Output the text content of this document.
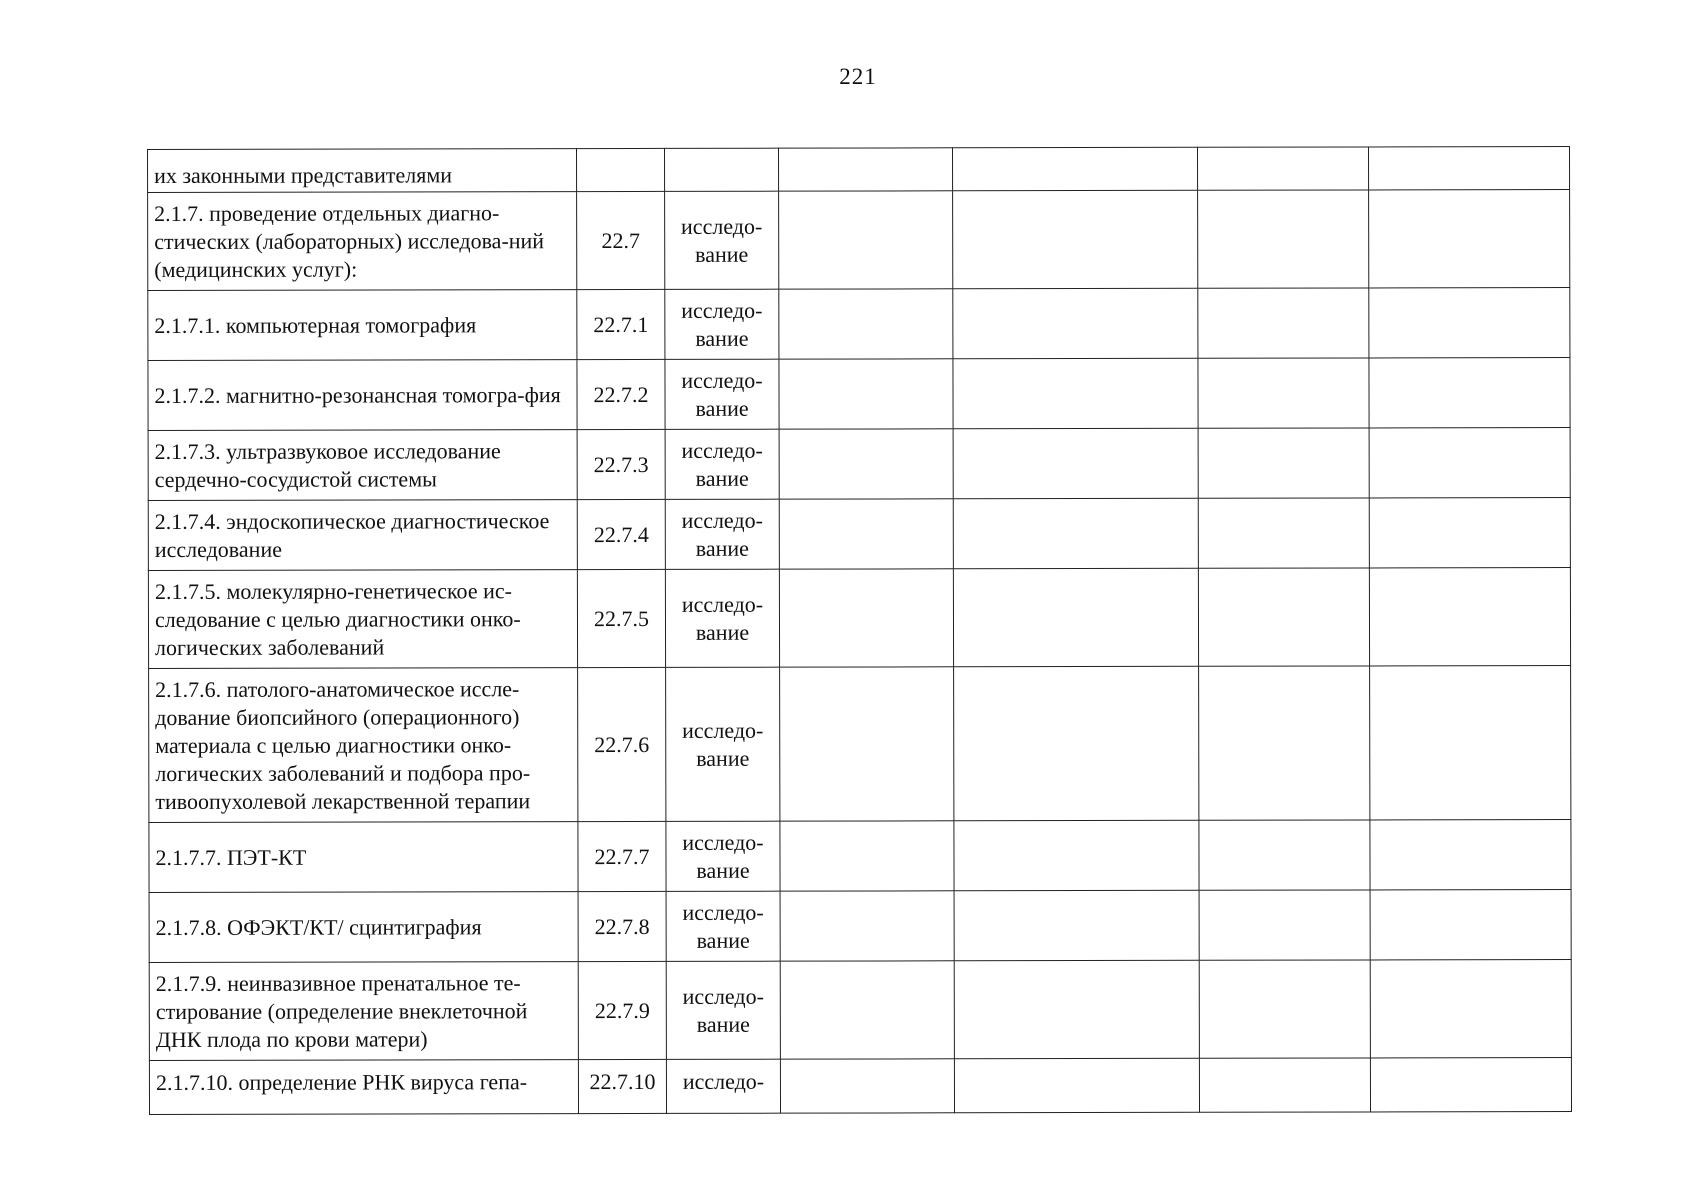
221
их законными представителями						
2.1.7. проведение отдельных диагно-стических (лабораторных) исследова-ний (медицинских услуг):	22.7	исследо-вание				
2.1.7.1. компьютерная томография	22.7.1	исследо-вание				
2.1.7.2. магнитно-резонансная томогра-фия	22.7.2	исследо-вание				
2.1.7.3. ультразвуковое исследование сердечно-сосудистой системы	22.7.3	исследо-вание				
2.1.7.4. эндоскопическое диагностическое исследование	22.7.4	исследо-вание				
2.1.7.5. молекулярно-генетическое ис-следование с целью диагностики онко-логических заболеваний	22.7.5	исследо-вание				
2.1.7.6. патолого-анатомическое иссле-дование биопсийного (операционного) материала с целью диагностики онко-логических заболеваний и подбора про-тивоопухолевой лекарственной терапии	22.7.6	исследо-вание				
2.1.7.7. ПЭТ-КТ	22.7.7	исследо-вание				
2.1.7.8. ОФЭКТ/КТ/ сцинтиграфия	22.7.8	исследо-вание				
2.1.7.9. неинвазивное пренатальное те-стирование (определение внеклеточной ДНК плода по крови матери)	22.7.9	исследо-вание				
2.1.7.10. определение РНК вируса гепа-	22.7.10	исследо-				
